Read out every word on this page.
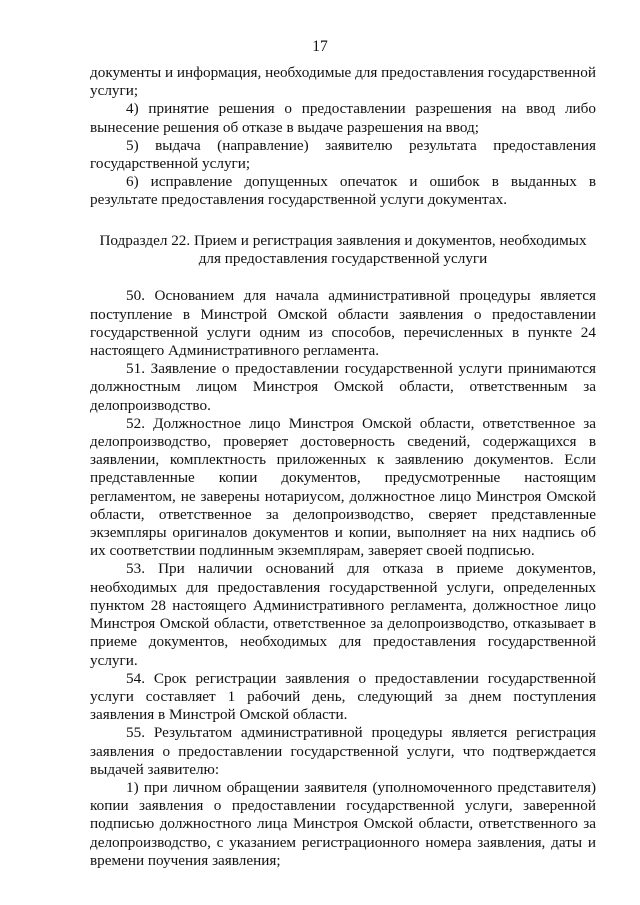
17

документы и информация, необходимые для предоставления государственной услуги;

4) принятие решения о предоставлении разрешения на ввод либо вынесение решения об отказе в выдаче разрешения на ввод;

5) выдача (направление) заявителю результата предоставления государственной услуги;

6) исправление допущенных опечаток и ошибок в выданных в результате предоставления государственной услуги документах.

Подраздел 22. Прием и регистрация заявления и документов, необходимых для предоставления государственной услуги

50. Основанием для начала административной процедуры является поступление в Минстрой Омской области заявления о предоставлении государственной услуги одним из способов, перечисленных в пункте 24 настоящего Административного регламента.

51. Заявление о предоставлении государственной услуги принимаются должностным лицом Минстроя Омской области, ответственным за делопроизводство.

52. Должностное лицо Минстроя Омской области, ответственное за делопроизводство, проверяет достоверность сведений, содержащихся в заявлении, комплектность приложенных к заявлению документов. Если представленные копии документов, предусмотренные настоящим регламентом, не заверены нотариусом, должностное лицо Минстроя Омской области, ответственное за делопроизводство, сверяет представленные экземпляры оригиналов документов и копии, выполняет на них надпись об их соответствии подлинным экземплярам, заверяет своей подписью.

53. При наличии оснований для отказа в приеме документов, необходимых для предоставления государственной услуги, определенных пунктом 28 настоящего Административного регламента, должностное лицо Минстроя Омской области, ответственное за делопроизводство, отказывает в приеме документов, необходимых для предоставления государственной услуги.

54. Срок регистрации заявления о предоставлении государственной услуги составляет 1 рабочий день, следующий за днем поступления заявления в Минстрой Омской области.

55. Результатом административной процедуры является регистрация заявления о предоставлении государственной услуги, что подтверждается выдачей заявителю:

1) при личном обращении заявителя (уполномоченного представителя) копии заявления о предоставлении государственной услуги, заверенной подписью должностного лица Минстроя Омской области, ответственного за делопроизводство, с указанием регистрационного номера заявления, даты и времени поучения заявления;
